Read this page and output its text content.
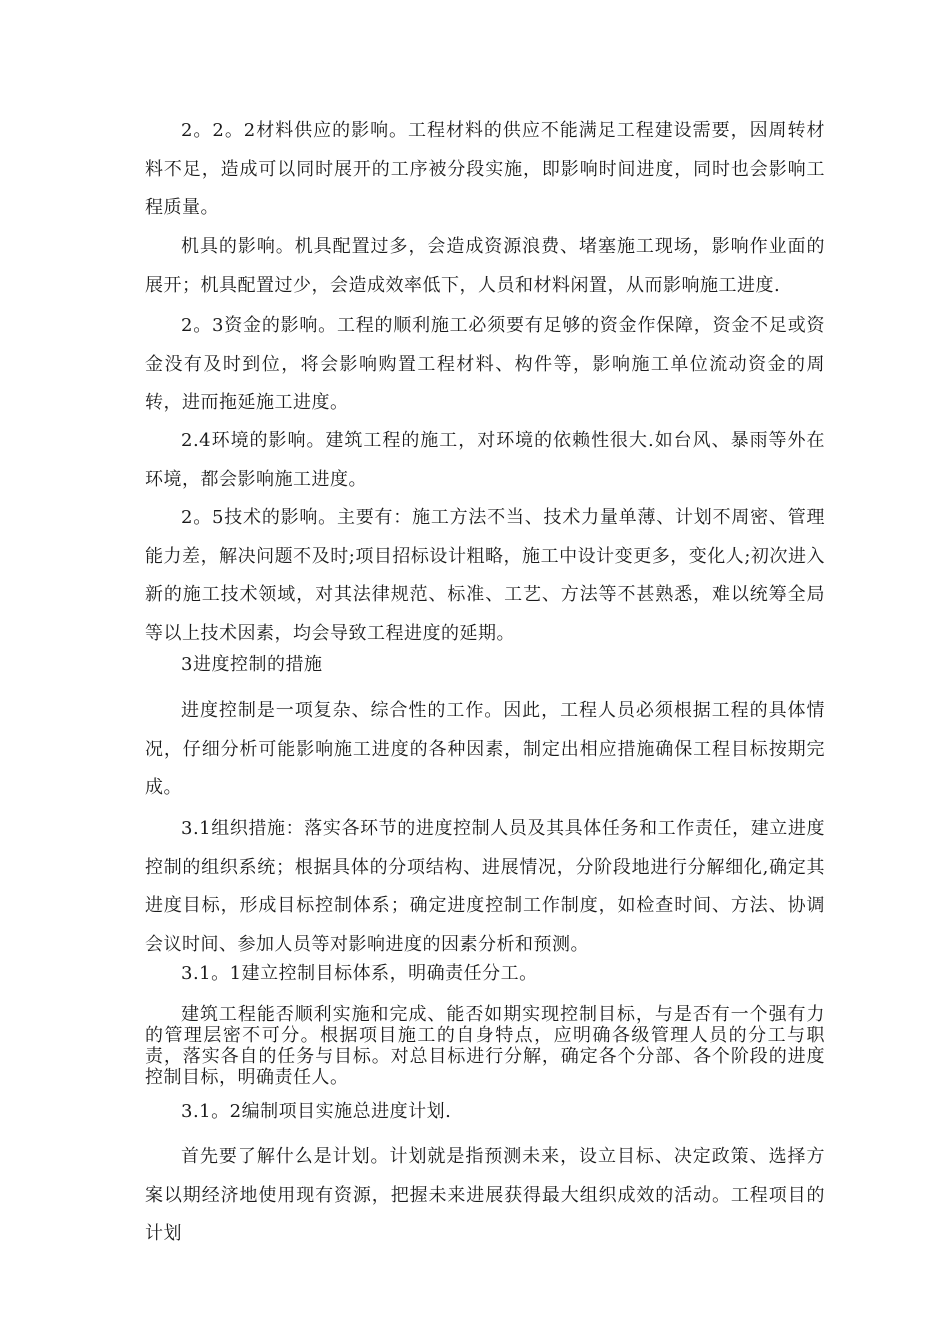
2。2。2材料供应的影响。工程材料的供应不能满足工程建设需要，因周转材料不足，造成可以同时展开的工序被分段实施，即影响时间进度，同时也会影响工程质量。

机具的影响。机具配置过多，会造成资源浪费、堵塞施工现场，影响作业面的展开；机具配置过少，会造成效率低下，人员和材料闲置，从而影响施工进度.

2。3资金的影响。工程的顺利施工必须要有足够的资金作保障，资金不足或资金没有及时到位，将会影响购置工程材料、构件等，影响施工单位流动资金的周转，进而拖延施工进度。

2.4环境的影响。建筑工程的施工，对环境的依赖性很大.如台风、暴雨等外在环境，都会影响施工进度。

2。5技术的影响。主要有：施工方法不当、技术力量单薄、计划不周密、管理能力差，解决问题不及时;项目招标设计粗略，施工中设计变更多，变化人;初次进入新的施工技术领域，对其法律规范、标准、工艺、方法等不甚熟悉，难以统筹全局等以上技术因素，均会导致工程进度的延期。

3进度控制的措施

进度控制是一项复杂、综合性的工作。因此，工程人员必须根据工程的具体情况，仔细分析可能影响施工进度的各种因素，制定出相应措施确保工程目标按期完成。

3.1组织措施：落实各环节的进度控制人员及其具体任务和工作责任，建立进度控制的组织系统；根据具体的分项结构、进展情况，分阶段地进行分解细化,确定其进度目标，形成目标控制体系；确定进度控制工作制度，如检查时间、方法、协调会议时间、参加人员等对影响进度的因素分析和预测。

3.1。1建立控制目标体系，明确责任分工。

建筑工程能否顺利实施和完成、能否如期实现控制目标，与是否有一个强有力的管理层密不可分。根据项目施工的自身特点，应明确各级管理人员的分工与职责，落实各自的任务与目标。对总目标进行分解，确定各个分部、各个阶段的进度控制目标，明确责任人。

3.1。2编制项目实施总进度计划.

首先要了解什么是计划。计划就是指预测未来，设立目标、决定政策、选择方案以期经济地使用现有资源，把握未来进展获得最大组织成效的活动。工程项目的计划
